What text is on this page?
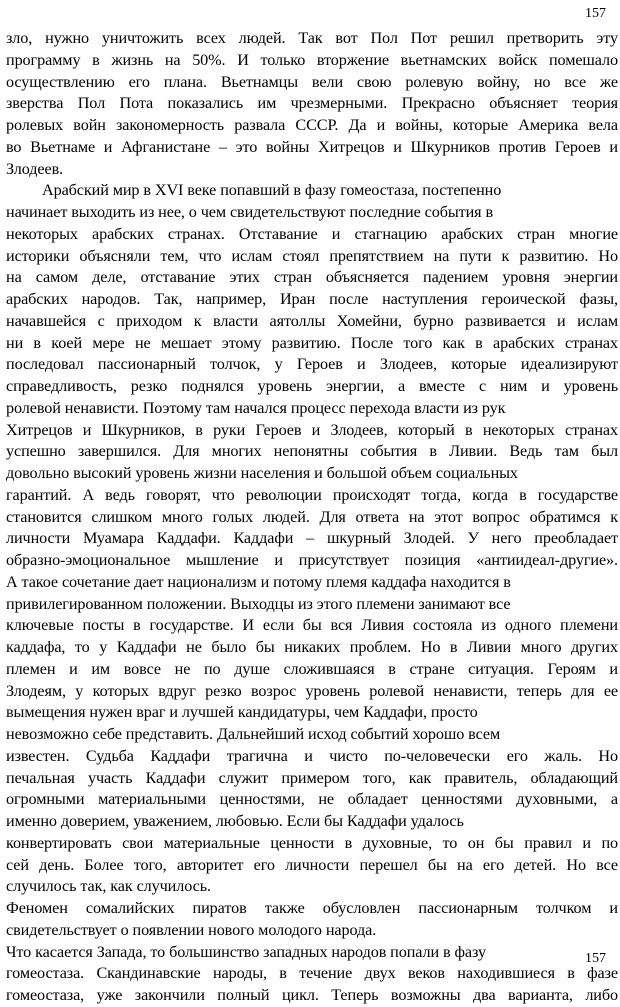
157
зло, нужно уничтожить всех людей. Так вот Пол Пот решил претворить эту
программу в жизнь на 50%. И только вторжение вьетнамских войск помешало
осуществлению его плана. Вьетнамцы вели свою ролевую войну, но все же
зверства Пол Пота показались им чрезмерными. Прекрасно объясняет теория
ролевых войн закономерность развала СССР. Да и войны, которые Америка вела
во Вьетнаме и Афганистане – это войны Хитрецов и Шкурников против Героев и
Злодеев.
Арабский мир в XVI веке попавший в фазу гомеостаза, постепенно
начинает выходить из нее, о чем свидетельствуют последние события в
некоторых арабских странах. Отставание и стагнацию арабских стран многие
историки объясняли тем, что ислам стоял препятствием на пути к развитию. Но
на самом деле, отставание этих стран объясняется падением уровня энергии
арабских народов. Так, например, Иран после наступления героической фазы,
начавшейся с приходом к власти аятоллы Хомейни, бурно развивается и ислам
ни в коей мере не мешает этому развитию. После того как в арабских странах
последовал пассионарный толчок, у Героев и Злодеев, которые идеализируют
справедливость, резко поднялся уровень энергии, а вместе с ним и уровень
ролевой ненависти. Поэтому там начался процесс перехода власти из рук
Хитрецов и Шкурников, в руки Героев и Злодеев, который в некоторых странах
успешно завершился. Для многих непонятны события в Ливии. Ведь там был
довольно высокий уровень жизни населения и большой объем социальных
гарантий. А ведь говорят, что революции происходят тогда, когда в государстве
становится слишком много голых людей. Для ответа на этот вопрос обратимся к
личности Муамара Каддафи. Каддафи – шкурный Злодей. У него преобладает
образно-эмоциональное мышление и присутствует позиция «антиидеал-другие».
А такое сочетание дает национализм и потому племя каддафа находится в
привилегированном положении. Выходцы из этого племени занимают все
ключевые посты в государстве. И если бы вся Ливия состояла из одного племени
каддафа, то у Каддафи не было бы никаких проблем. Но в Ливии много других
племен и им вовсе не по душе сложившаяся в стране ситуация. Героям и
Злодеям, у которых вдруг резко возрос уровень ролевой ненависти, теперь для ее
вымещения нужен враг и лучшей кандидатуры, чем Каддафи, просто
невозможно себе представить. Дальнейший исход событий хорошо всем
известен. Судьба Каддафи трагична и чисто по-человечески его жаль. Но
печальная участь Каддафи служит примером того, как правитель, обладающий
огромными материальными ценностями, не обладает ценностями духовными, а
именно доверием, уважением, любовью. Если бы Каддафи удалось
конвертировать свои материальные ценности в духовные, то он бы правил и по
сей день. Более того, авторитет его личности перешел бы на его детей. Но все
случилось так, как случилось.
Феномен сомалийских пиратов также обусловлен пассионарным толчком и
свидетельствует о появлении нового молодого народа.
Что касается Запада, то большинство западных народов попали в фазу
гомеостаза. Скандинавские народы, в течение двух веков находившиеся в фазе
гомеостаза, уже закончили полный цикл. Теперь возможны два варианта, либо
157
